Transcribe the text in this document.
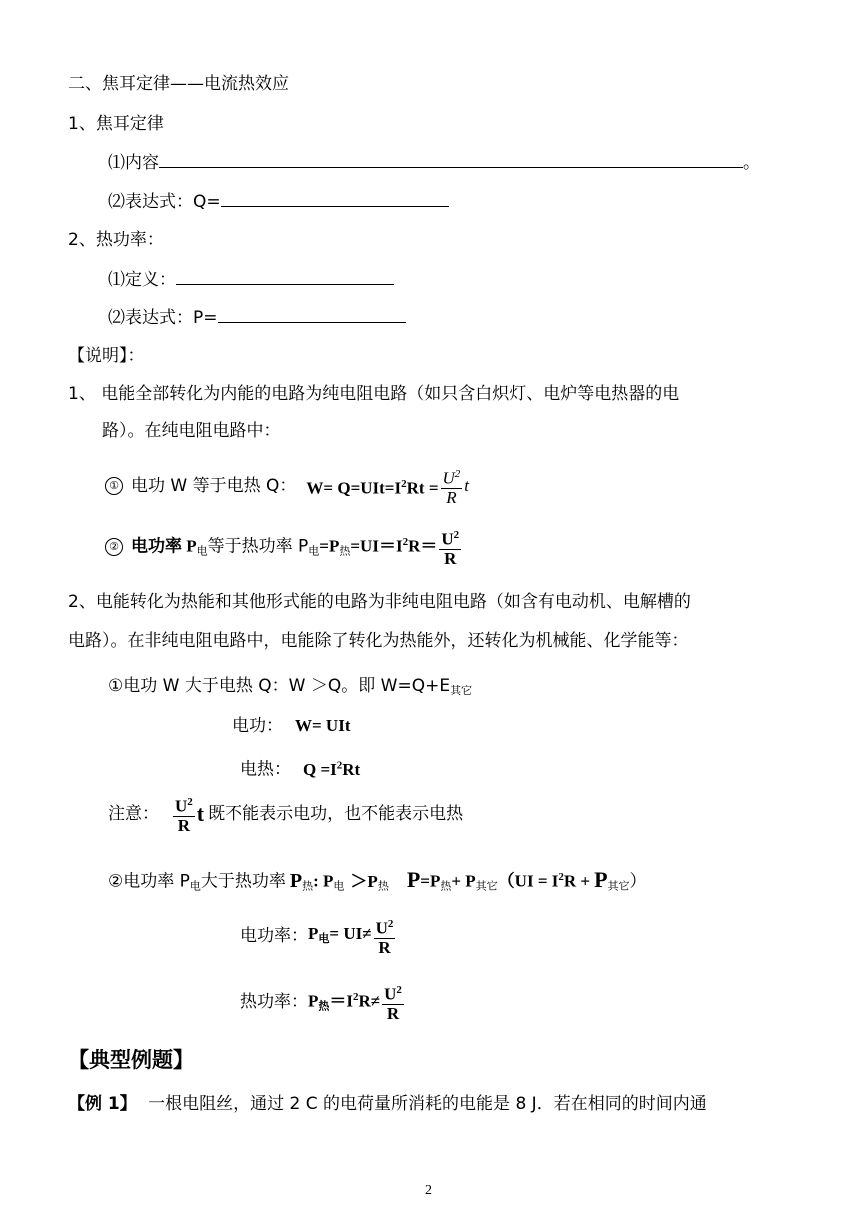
二、焦耳定律——电流热效应
1、焦耳定律
⑴内容	。
⑵表达式：Q=
2、热功率：
⑴定义：
⑵表达式：P=
【说明】：
1、 电能全部转化为内能的电路为纯电阻电路（如只含白炽灯、电炉等电热器的电
路）。在纯电阻电路中：
① 电功 W 等于电热 Q： $W= Q=UIt=I^2Rt = \frac{U^2}{R}$ t
② 电功率 $P_电$等于热功率 $P_电=P_热=UI=I^2R= \frac{U^2}{R}$
2、电能转化为热能和其他形式能的电路为非纯电阻电路（如含有电动机、电解槽的
电路）。在非纯电阻电路中，电能除了转化为热能外，还转化为机械能、化学能等：
①电功 W 大于电热 Q：W ＞Q。即 $W=Q+E_{其它}$
电功： W= UIt
电热： $Q =I^2Rt$
注意： $\frac{U^2}{R}$ t 既不能表示电功，也不能表示电热
②电功率 $P_电$大于热功率 $P_热$: $P_电 >P_热$ $P=P_热+ P_{其它}(UI = I^2R + P_{其它})$
电功率： $P_电= UI\ne \frac{U^2}{R}$
热功率： $P_热=I^2R\ne \frac{U^2}{R}$
【典型例题】
【例 1】 一根电阻丝，通过 2 C 的电荷量所消耗的电能是 8 J．若在相同的时间内通
2
